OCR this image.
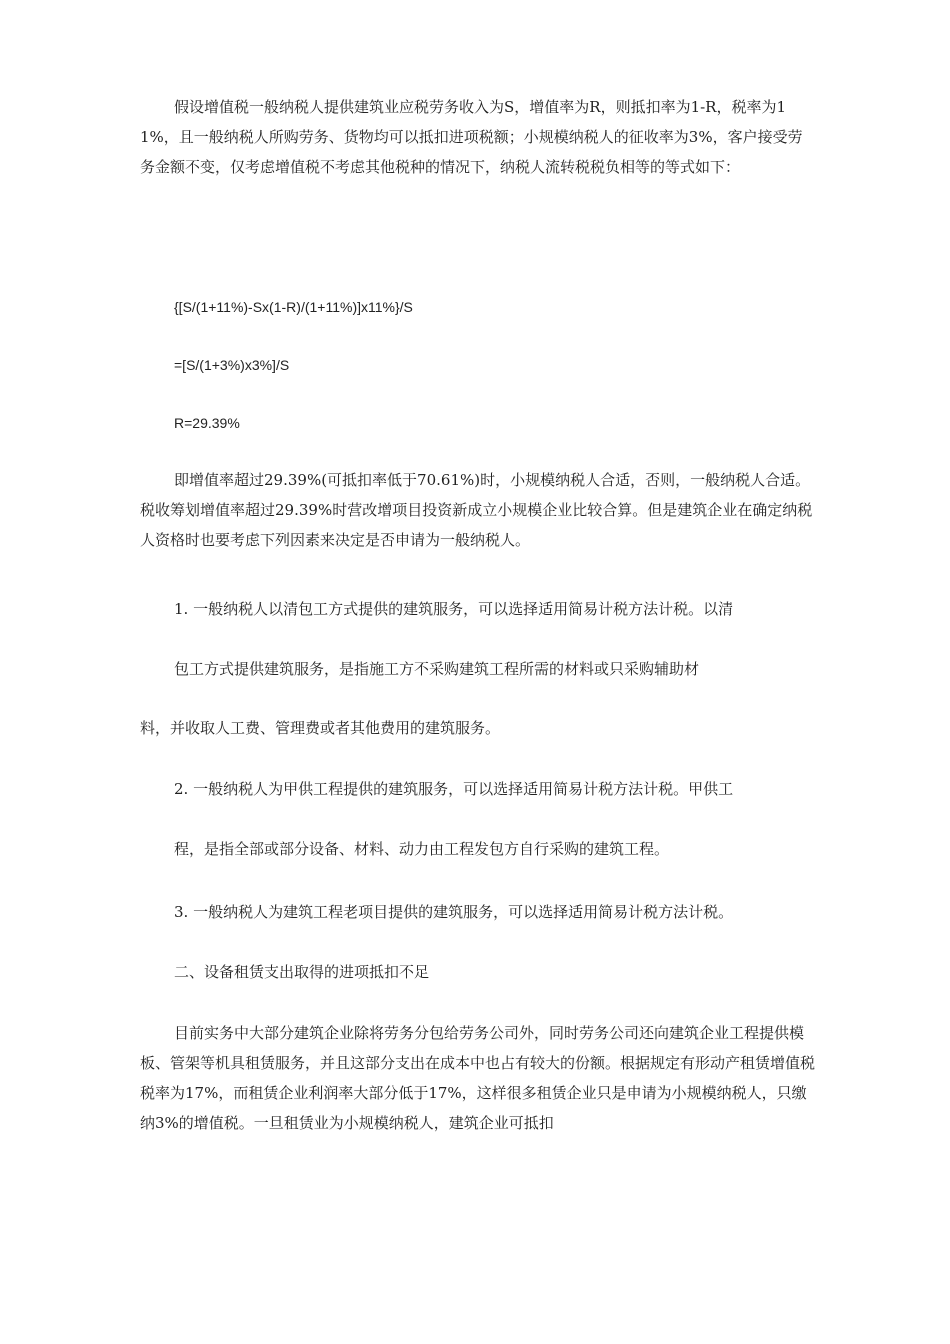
假设增值税一般纳税人提供建筑业应税劳务收入为S，增值率为R，则抵扣率为1-R，税率为11%，且一般纳税人所购劳务、货物均可以抵扣进项税额；小规模纳税人的征收率为3%，客户接受劳务金额不变，仅考虑增值税不考虑其他税种的情况下，纳税人流转税税负相等的等式如下：

{[S/(1+11%)-Sx(1-R)/(1+11%)]x11%}/S

=[S/(1+3%)x3%]/S

R=29.39%

即增值率超过29.39%(可抵扣率低于70.61%)时，小规模纳税人合适，否则，一般纳税人合适。税收筹划增值率超过29.39%时营改增项目投资新成立小规模企业比较合算。但是建筑企业在确定纳税人资格时也要考虑下列因素来决定是否申请为一般纳税人。

1. 一般纳税人以清包工方式提供的建筑服务，可以选择适用简易计税方法计税。以清

包工方式提供建筑服务，是指施工方不采购建筑工程所需的材料或只采购辅助材

料，并收取人工费、管理费或者其他费用的建筑服务。

2. 一般纳税人为甲供工程提供的建筑服务，可以选择适用简易计税方法计税。甲供工

程，是指全部或部分设备、材料、动力由工程发包方自行采购的建筑工程。

3. 一般纳税人为建筑工程老项目提供的建筑服务，可以选择适用简易计税方法计税。

二、设备租赁支出取得的进项抵扣不足

目前实务中大部分建筑企业除将劳务分包给劳务公司外，同时劳务公司还向建筑企业工程提供模板、管架等机具租赁服务，并且这部分支出在成本中也占有较大的份额。根据规定有形动产租赁增值税税率为17%，而租赁企业利润率大部分低于17%，这样很多租赁企业只是申请为小规模纳税人，只缴纳3%的增值税。一旦租赁业为小规模纳税人，建筑企业可抵扣
